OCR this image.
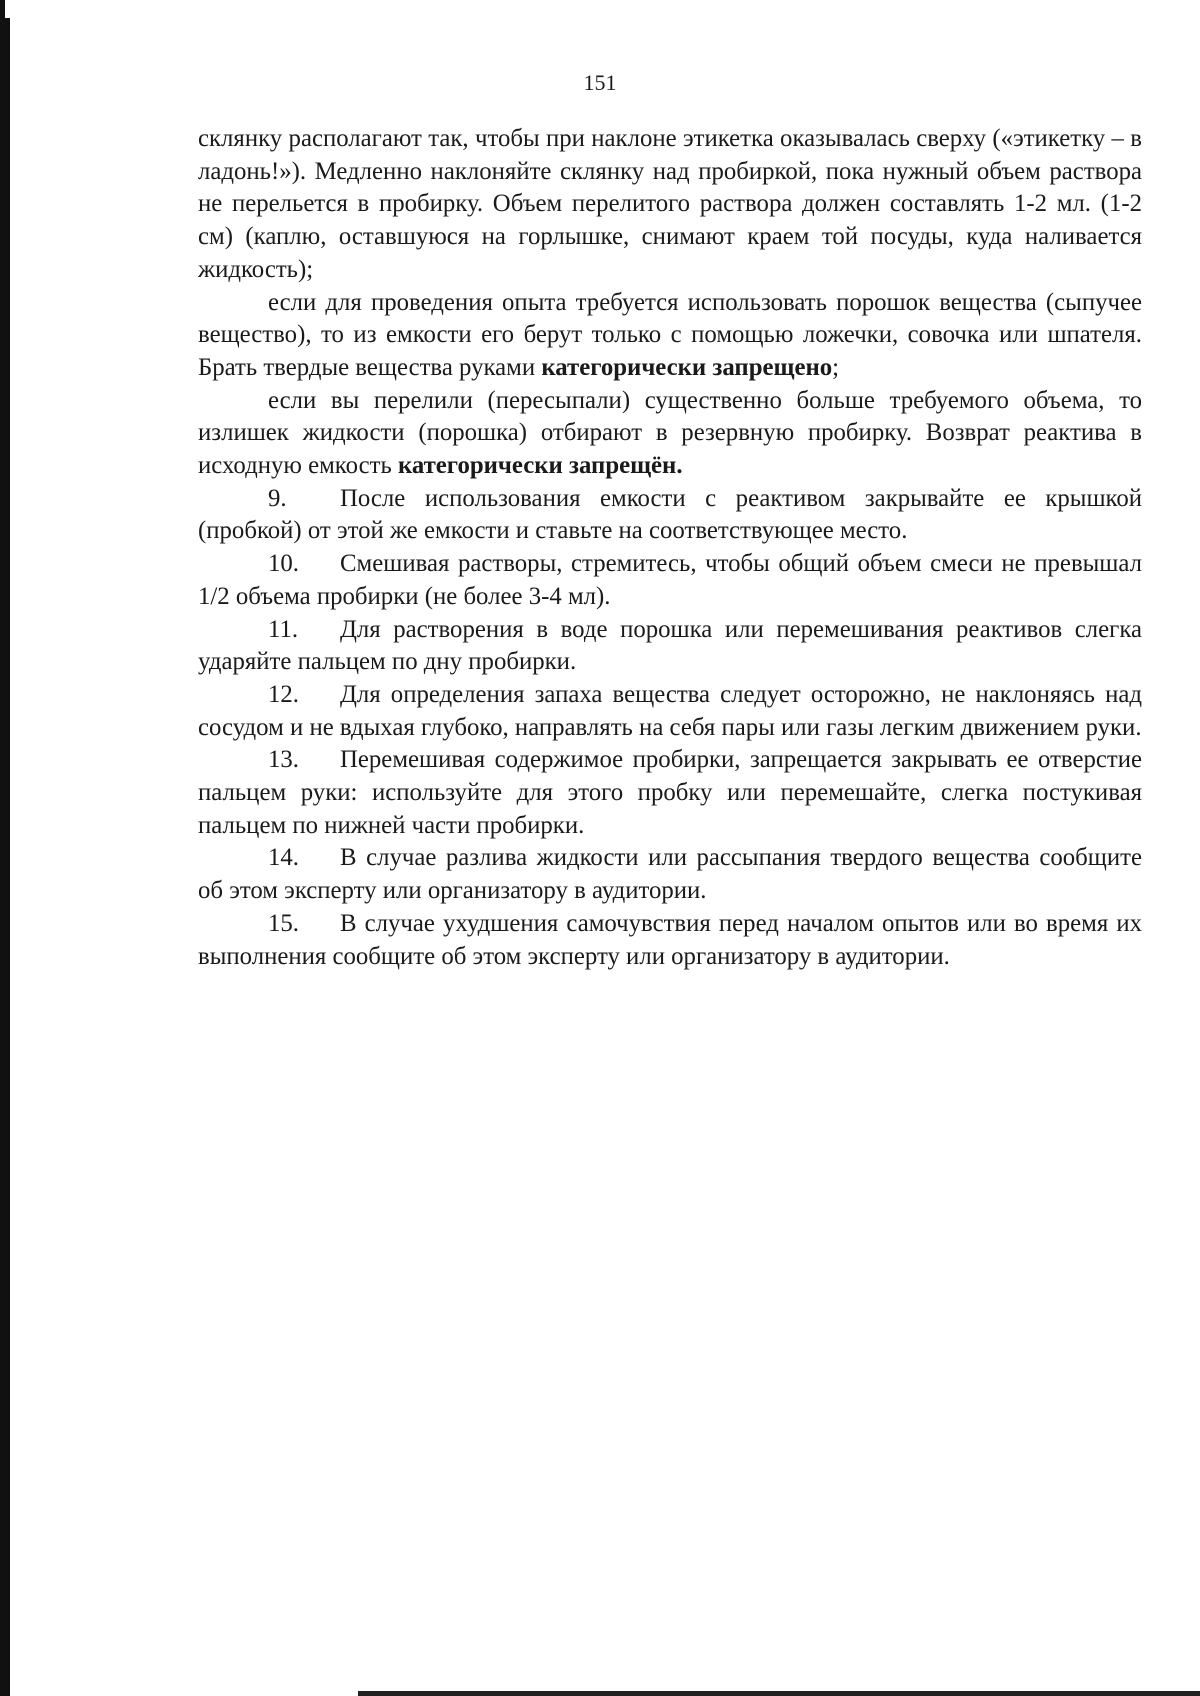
151

склянку располагают так, чтобы при наклоне этикетка оказывалась сверху («этикетку – в ладонь!»). Медленно наклоняйте склянку над пробиркой, пока нужный объем раствора не перельется в пробирку. Объем перелитого раствора должен составлять 1-2 мл. (1-2 см) (каплю, оставшуюся на горлышке, снимают краем той посуды, куда наливается жидкость);

если для проведения опыта требуется использовать порошок вещества (сыпучее вещество), то из емкости его берут только с помощью ложечки, совочка или шпателя. Брать твердые вещества руками категорически запрещено;

если вы перелили (пересыпали) существенно больше требуемого объема, то излишек жидкости (порошка) отбирают в резервную пробирку. Возврат реактива в исходную емкость категорически запрещён.

9. После использования емкости с реактивом закрывайте ее крышкой (пробкой) от этой же емкости и ставьте на соответствующее место.

10. Смешивая растворы, стремитесь, чтобы общий объем смеси не превышал 1/2 объема пробирки (не более 3-4 мл).

11. Для растворения в воде порошка или перемешивания реактивов слегка ударяйте пальцем по дну пробирки.

12. Для определения запаха вещества следует осторожно, не наклоняясь над сосудом и не вдыхая глубоко, направлять на себя пары или газы легким движением руки.

13. Перемешивая содержимое пробирки, запрещается закрывать ее отверстие пальцем руки: используйте для этого пробку или перемешайте, слегка постукивая пальцем по нижней части пробирки.

14. В случае разлива жидкости или рассыпания твердого вещества сообщите об этом эксперту или организатору в аудитории.

15. В случае ухудшения самочувствия перед началом опытов или во время их выполнения сообщите об этом эксперту или организатору в аудитории.
